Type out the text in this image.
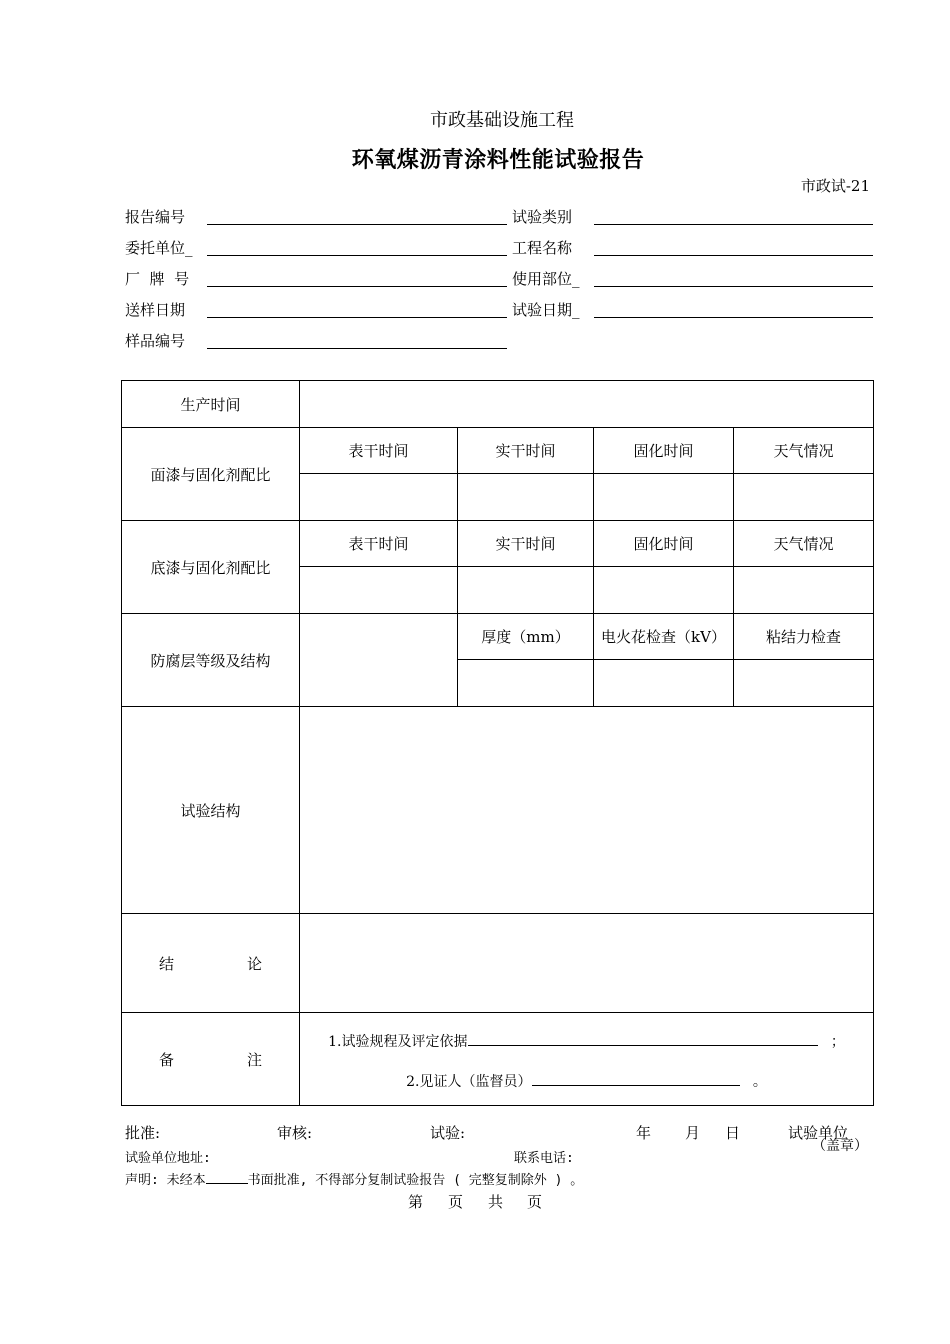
市政基础设施工程
环氧煤沥青涂料性能试验报告
市政试-21
报告编号	试验类别
委托单位_	工程名称
厂  牌  号	使用部位_
送样日期	试验日期_
样品编号
生产时间				
面漆与固化剂配比	表干时间	实干时间	固化时间	天气情况

底漆与固化剂配比	表干时间	实干时间	固化时间	天气情况

防腐层等级及结构		厚度（mm）	电火花检查（kV）	粘结力检查

试验结构				
结 论				
备 注	1.试验规程及评定依据 ；
2.见证人（监督员） 。			
批准:	审核:	试验:	年 月 日	试验单位
（盖章）
试验单位地址:	联系电话:
声明: 未经本	书面批准, 不得部分复制试验报告 ( 完整复制除外 ) 。
第 页 共 页
